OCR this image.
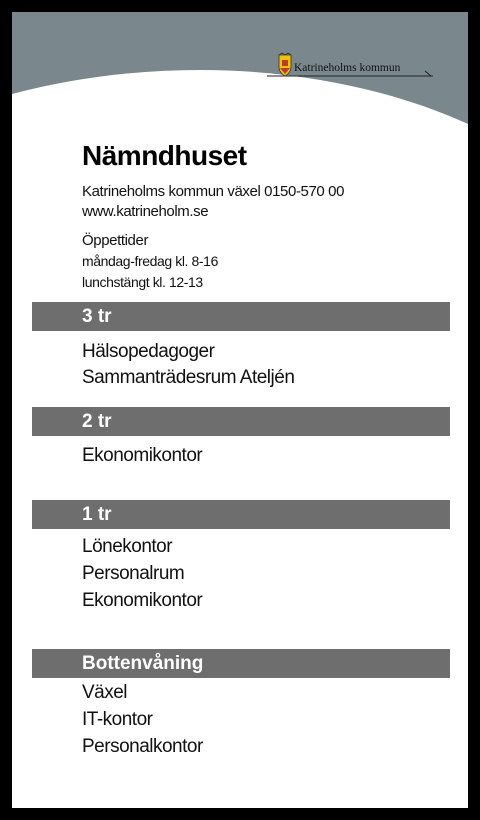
Katrineholms kommun
Nämndhuset
Katrineholms kommun växel 0150-570 00
www.katrineholm.se
Öppettider
måndag-fredag kl. 8-16
lunchstängt kl. 12-13
3 tr
Hälsopedagoger
Sammanträdesrum Ateljén
2 tr
Ekonomikontor
1 tr
Lönekontor
Personalrum
Ekonomikontor
Bottenvåning
Växel
IT-kontor
Personalkontor
